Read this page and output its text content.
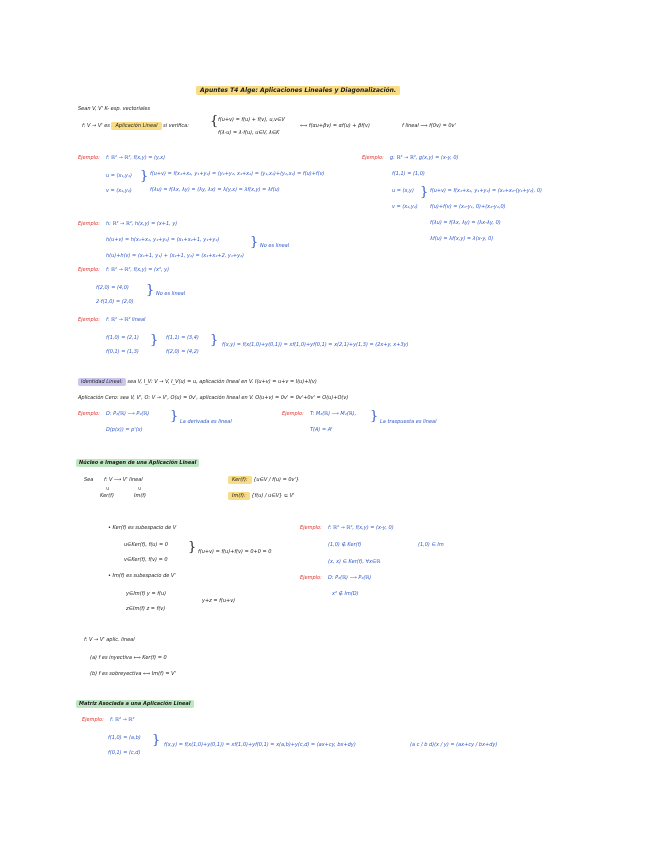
Apuntes T4 Alge: Aplicaciones Lineales y Diagonalización.
Sean V, V' K- esp. vectoriales
f: V → V' es Aplicación Lineal si verifica: { f(u+v) = f(u) + f(v), u,v∈V
f(λ·u) = λ·f(u), u∈V, λ∈K
⟺ f(αu+βv) = αf(u) + βf(v)	f lineal ⟹ f(0v) = 0v'
Ejemplo: f: ℝ² → ℝ², f(x,y) = (y,x)
u = (x₁,y₁)
v = (x₂,y₂)
} f(u+v) = f(x₁+x₂, y₁+y₂) = (y₁+y₂, x₁+x₂) = (y₁,x₁)+(y₂,x₂) = f(u)+f(v)
f(λu) = f(λx, λy) = (λy, λx) = λ(y,x) = λf(x,y) = λf(u)
Ejemplo: g: ℝ² → ℝ², g(x,y) = (x-y, 0)
f(1,1) = (1,0)
u = (x,y)
v = (x₂,y₂)
} f(u+v) = f(x₁+x₂, y₁+y₂) = (x₁+x₂-(y₁+y₂), 0)
f(u)+f(v) = (x₁-y₁, 0)+(x₂-y₂,0)
f(λu) = f(λx, λy) = (λx-λy, 0)
λf(u) = λf(x,y) = λ(x-y, 0)
Ejemplo: h: ℝ² → ℝ², h(x,y) = (x+1, y)
h(u+v) = h(x₁+x₂, y₁+y₂) = (x₁+x₂+1, y₁+y₂)
h(u)+h(v) = (x₁+1, y₁) + (x₂+1, y₂) = (x₁+x₂+2, y₁+y₂)
} No es lineal
Ejemplo: f: ℝ² → ℝ², f(x,y) = (x², y)
f(2,0) = (4,0)
2·f(1,0) = (2,0)
} No es lineal
Ejemplo: f: ℝ² → ℝ² lineal
f(1,0) = (2,1)
f(0,1) = (1,3)
} f(1,1) = (3,4)
f(2,0) = (4,2)
} f(x,y) = f(x(1,0)+y(0,1)) = xf(1,0)+yf(0,1) = x(2,1)+y(1,3) = (2x+y, x+3y)
Identidad Lineal: sea V, I_V: V → V, I_V(u) = u, aplicación lineal en V. I(u+v) = u+v = I(u)+I(v)
Aplicación Cero: sea V, V', O: V → V', O(u) = 0v', aplicación lineal en V. O(u+v) = 0v' = 0v'+0v' = O(u)+O(v)
Ejemplo: D: P₂(ℝ) ⟶ P₂(ℝ)
D(p(x)) = p'(x)
} La derivada es lineal
Ejemplo: T: M₂(ℝ) ⟶ M₂(ℝ),
T(A) = Aᵗ
} La traspuesta es lineal
Núcleo e Imagen de una Aplicación Lineal
Sea f: V ⟶ V' lineal
∪	∪
Ker(f)	Im(f)
Ker(f): {u∈V / f(u) = 0v'}
Im(f): {f(u) / u∈V} ⊆ V'
• Ker(f) es subespacio de V
u∈Ker(f), f(u) = 0
v∈Ker(f), f(v) = 0
} f(u+v) = f(u)+f(v) = 0+0 = 0
• Im(f) es subespacio de V'
y∈Im(f) y = f(u)
z∈Im(f) z = f(v)
y+z = f(u+v)
Ejemplo: f: ℝ² → ℝ², f(x,y) = (x-y, 0)
(1,0) ∉ Ker(f)	(1,0) ∈ Im
(x, x) ∈ Ker(f), ∀x∈ℝ
Ejemplo: D: P₂(ℝ) ⟶ P₂(ℝ)
x² ∉ Im(D)
f: V → V' aplic. lineal
(a) f es inyectiva ⟺ Ker(f) = 0
(b) f es sobreyectiva ⟺ Im(f) = V'
Matriz Asociada a una Aplicación Lineal
Ejemplo: f: ℝ² → ℝ²
f(1,0) = (a,b)
f(0,1) = (c,d)
} f(x,y) = f(x(1,0)+y(0,1)) = xf(1,0)+yf(0,1) = x(a,b)+y(c,d) = (ax+cy, bx+dy)	(a c / b d)(x / y) = (ax+cy / bx+dy)
